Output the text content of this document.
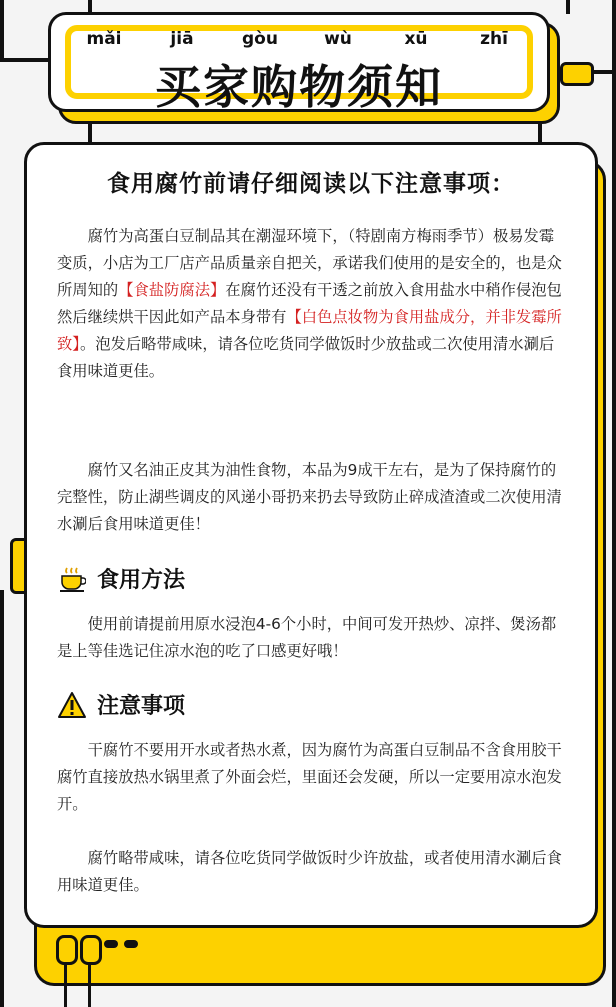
mǎi	jiā	gòu	wù	xū	zhī
买家购物须知
食用腐竹前请仔细阅读以下注意事项：

腐竹为高蛋白豆制品其在潮湿环境下，（特剧南方梅雨季节）极易发霉变质，小店为工厂店产品质量亲自把关，承诺我们使用的是安全的，也是众所周知的【食盐防腐法】在腐竹还没有干透之前放入食用盐水中稍作侵泡包然后继续烘干因此如产品本身带有【白色点妆物为食用盐成分，并非发霉所致】。泡发后略带咸味，请各位吃货同学做饭时少放盐或二次使用清水涮后食用味道更佳。

腐竹又名油正皮其为油性食物，本品为9成干左右，是为了保持腐竹的完整性，防止湖些调皮的风递小哥扔来扔去导致防止碎成渣渣或二次使用清水涮后食用味道更佳！

食用方法

使用前请提前用原水浸泡4-6个小时，中间可发开热炒、凉拌、煲汤都是上等佳选记住凉水泡的吃了口感更好哦！

注意事项

干腐竹不要用开水或者热水煮，因为腐竹为高蛋白豆制品不含食用胶干腐竹直接放热水锅里煮了外面会烂，里面还会发硬，所以一定要用凉水泡发开。

腐竹略带咸味，请各位吃货同学做饭时少许放盐，或者使用清水涮后食用味道更佳。
